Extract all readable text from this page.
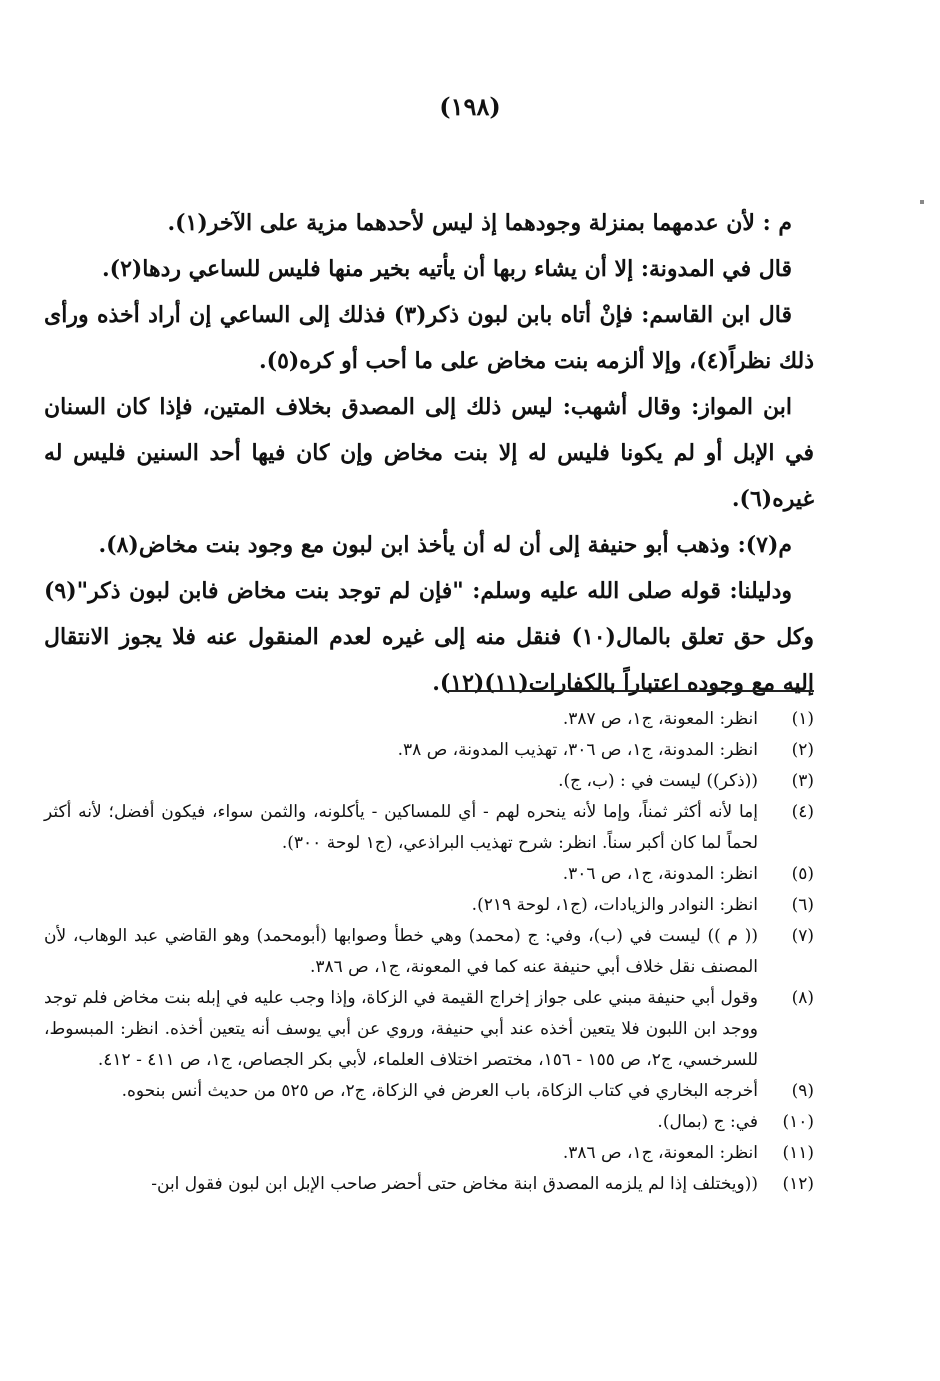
(١٩٨)

م : لأن عدمهما بمنزلة وجودهما إذ ليس لأحدهما مزية على الآخر(١).

قال في المدونة: إلا أن يشاء ربها أن يأتيه بخير منها فليس للساعي ردها(٢).

قال ابن القاسم: فإنْ أتاه بابن لبون ذكر(٣) فذلك إلى الساعي إن أراد أخذه ورأى ذلك نظراً(٤)، وإلا ألزمه بنت مخاض على ما أحب أو كره(٥).

ابن المواز: وقال أشهب: ليس ذلك إلى المصدق بخلاف المتين، فإذا كان السنان في الإبل أو لم يكونا فليس له إلا بنت مخاض وإن كان فيها أحد السنين فليس له غيره(٦).

م(٧): وذهب أبو حنيفة إلى أن له أن يأخذ ابن لبون مع وجود بنت مخاض(٨).

ودليلنا: قوله صلى الله عليه وسلم: "فإن لم توجد بنت مخاض فابن لبون ذكر"(٩) وكل حق تعلق بالمال(١٠) فنقل منه إلى غيره لعدم المنقول عنه فلا يجوز الانتقال إليه مع وجوده اعتباراً بالكفارات(١١)(١٢).

(١)
انظر: المعونة، ج١، ص ٣٨٧.
(٢)
انظر: المدونة، ج١، ص ٣٠٦، تهذيب المدونة، ص ٣٨.
(٣)
((ذكر)) ليست في : (ب، ج).
(٤)
إما لأنه أكثر ثمناً، وإما لأنه ينحره لهم - أي للمساكين - يأكلونه، والثمن سواء، فيكون أفضل؛ لأنه أكثر لحماً لما كان أكبر سناً. انظر: شرح تهذيب البراذعي، (ج١ لوحة ٣٠٠).
(٥)
انظر: المدونة، ج١، ص ٣٠٦.
(٦)
انظر: النوادر والزيادات، (ج١، لوحة ٢١٩).
(٧)
(( م )) ليست في (ب)، وفي: ج (محمد) وهي خطأ وصوابها (أبومحمد) وهو القاضي عبد الوهاب، لأن المصنف نقل خلاف أبي حنيفة عنه كما في المعونة، ج١، ص ٣٨٦.
(٨)
وقول أبي حنيفة مبني على جواز إخراج القيمة في الزكاة، وإذا وجب عليه في إبله بنت مخاض فلم توجد ووجد ابن اللبون فلا يتعين أخذه عند أبي حنيفة، وروي عن أبي يوسف أنه يتعين أخذه. انظر: المبسوط، للسرخسي، ج٢، ص ١٥٥ - ١٥٦، مختصر اختلاف العلماء، لأبي بكر الجصاص، ج١، ص ٤١١ - ٤١٢.
(٩)
أخرجه البخاري في كتاب الزكاة، باب العرض في الزكاة، ج٢، ص ٥٢٥ من حديث أنس بنحوه.
(١٠)
في: ج (بمال).
(١١)
انظر: المعونة، ج١، ص ٣٨٦.
(١٢)
((ويختلف إذا لم يلزمه المصدق ابنة مخاض حتى أحضر صاحب الإبل ابن لبون فقول ابن-
